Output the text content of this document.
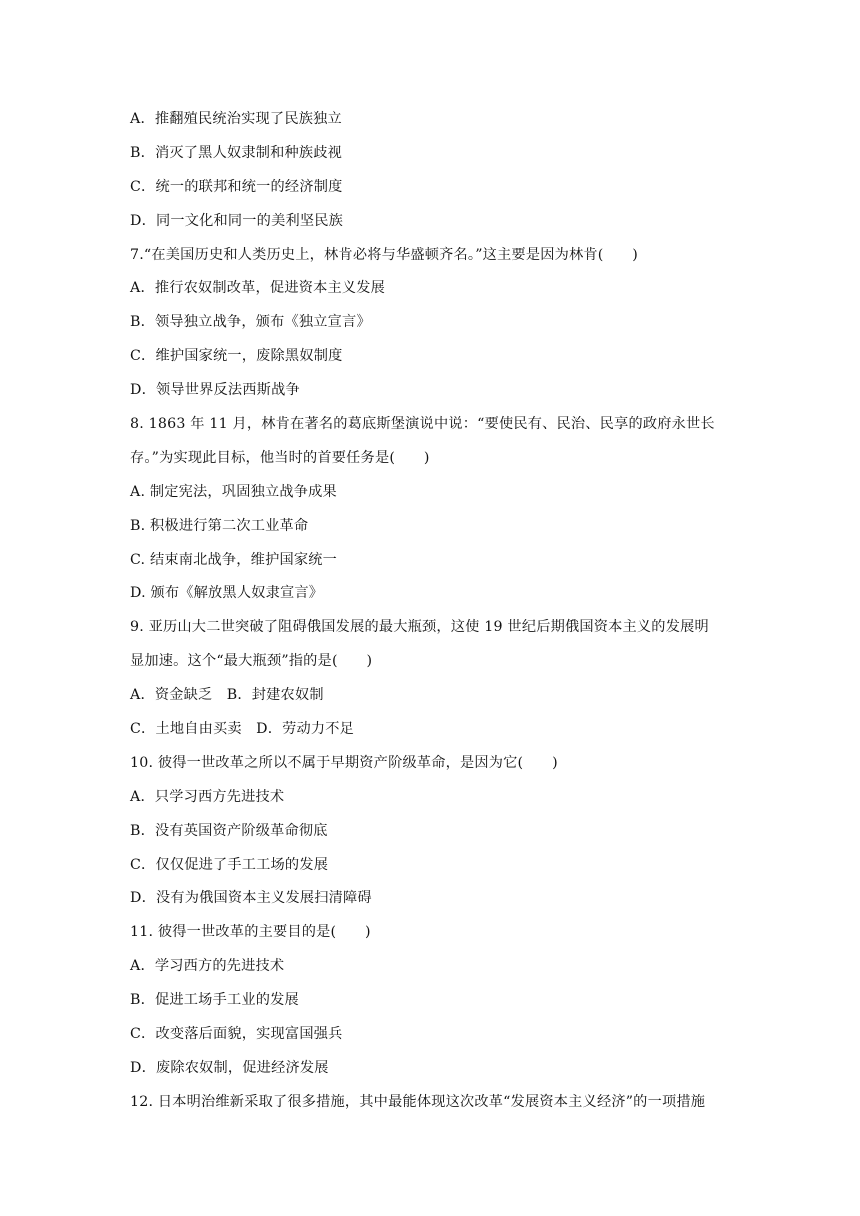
A．推翻殖民统治实现了民族独立
B．消灭了黑人奴隶制和种族歧视
C．统一的联邦和统一的经济制度
D．同一文化和同一的美利坚民族
7.“在美国历史和人类历史上，林肯必将与华盛顿齐名。”这主要是因为林肯(　　)
A．推行农奴制改革，促进资本主义发展
B．领导独立战争，颁布《独立宣言》
C．维护国家统一，废除黑奴制度
D．领导世界反法西斯战争
8. 1863 年 11 月，林肯在著名的葛底斯堡演说中说：“要使民有、民治、民享的政府永世长
存。”为实现此目标，他当时的首要任务是(　　)
A. 制定宪法，巩固独立战争成果
B. 积极进行第二次工业革命
C. 结束南北战争，维护国家统一
D. 颁布《解放黑人奴隶宣言》
9. 亚历山大二世突破了阻碍俄国发展的最大瓶颈，这使 19 世纪后期俄国资本主义的发展明
显加速。这个“最大瓶颈”指的是(　　)
A．资金缺乏　B．封建农奴制
C．土地自由买卖　D．劳动力不足
10. 彼得一世改革之所以不属于早期资产阶级革命，是因为它(　　)
A．只学习西方先进技术
B．没有英国资产阶级革命彻底
C．仅仅促进了手工工场的发展
D．没有为俄国资本主义发展扫清障碍
11. 彼得一世改革的主要目的是(　　)
A．学习西方的先进技术
B．促进工场手工业的发展
C．改变落后面貌，实现富国强兵
D．废除农奴制，促进经济发展
12. 日本明治维新采取了很多措施，其中最能体现这次改革“发展资本主义经济”的一项措施
